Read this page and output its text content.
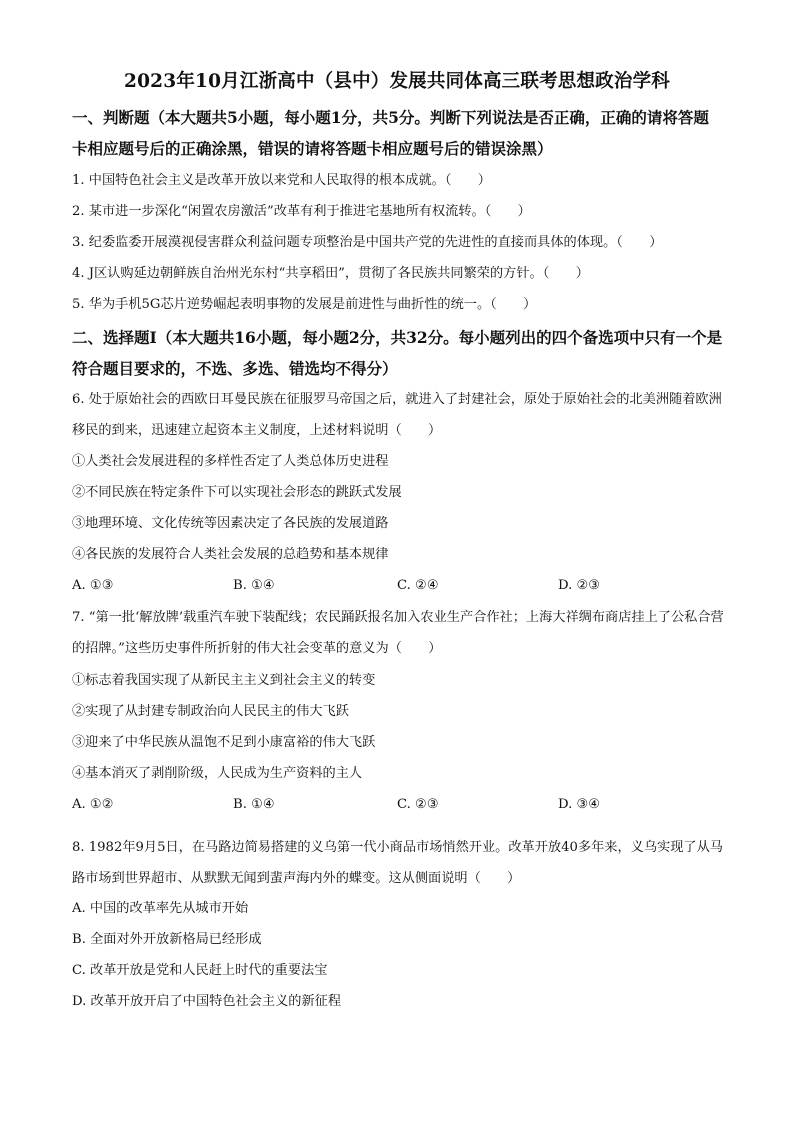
2023年10月江浙高中（县中）发展共同体高三联考思想政治学科
一、判断题（本大题共5小题，每小题1分，共5分。判断下列说法是否正确，正确的请将答题卡相应题号后的正确涂黑，错误的请将答题卡相应题号后的错误涂黑）
1. 中国特色社会主义是改革开放以来党和人民取得的根本成就。（　　）
2. 某市进一步深化“闲置农房激活”改革有利于推进宅基地所有权流转。（　　）
3. 纪委监委开展漠视侵害群众利益问题专项整治是中国共产党的先进性的直接而具体的体现。（　　）
4. J区认购延边朝鲜族自治州光东村“共享稻田”，贯彻了各民族共同繁荣的方针。（　　）
5. 华为手机5G芯片逆势崛起表明事物的发展是前进性与曲折性的统一。（　　）
二、选择题Ⅰ（本大题共16小题，每小题2分，共32分。每小题列出的四个备选项中只有一个是符合题目要求的，不选、多选、错选均不得分）
6. 处于原始社会的西欧日耳曼民族在征服罗马帝国之后，就进入了封建社会，原处于原始社会的北美洲随着欧洲移民的到来，迅速建立起资本主义制度，上述材料说明（　　）
①人类社会发展进程的多样性否定了人类总体历史进程
②不同民族在特定条件下可以实现社会形态的跳跃式发展
③地理环境、文化传统等因素决定了各民族的发展道路
④各民族的发展符合人类社会发展的总趋势和基本规律
A. ①③	B. ①④	C. ②④	D. ②③
7. “第一批‘解放牌’载重汽车驶下装配线；农民踊跃报名加入农业生产合作社；上海大祥绸布商店挂上了公私合营的招牌。”这些历史事件所折射的伟大社会变革的意义为（　　）
①标志着我国实现了从新民主主义到社会主义的转变
②实现了从封建专制政治向人民民主的伟大飞跃
③迎来了中华民族从温饱不足到小康富裕的伟大飞跃
④基本消灭了剥削阶级，人民成为生产资料的主人
A. ①②	B. ①④	C. ②③	D. ③④
8. 1982年9月5日，在马路边简易搭建的义乌第一代小商品市场悄然开业。改革开放40多年来，义乌实现了从马路市场到世界超市、从默默无闻到蜚声海内外的蝶变。这从侧面说明（　　）
A. 中国的改革率先从城市开始
B. 全面对外开放新格局已经形成
C. 改革开放是党和人民赶上时代的重要法宝
D. 改革开放开启了中国特色社会主义的新征程
